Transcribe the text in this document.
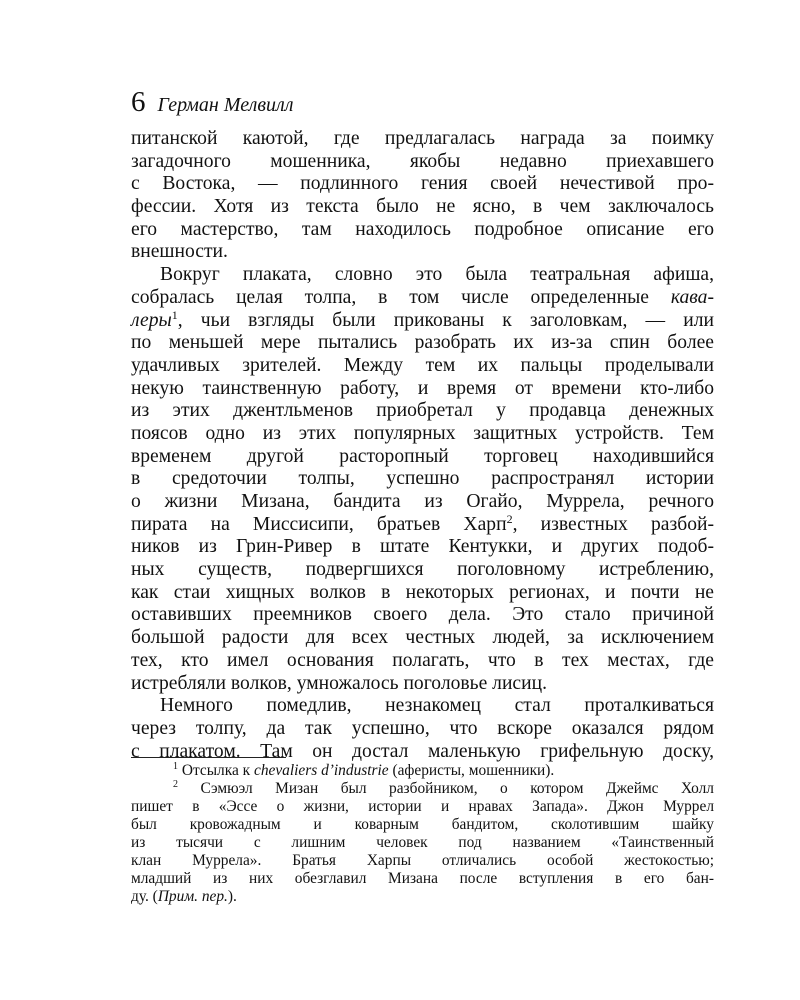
6 Герман Мелвилл
питанской каютой, где предлагалась награда за поимку
загадочного мошенника, якобы недавно приехавшего
с Востока, — подлинного гения своей нечестивой про-
фессии. Хотя из текста было не ясно, в чем заключалось
его мастерство, там находилось подробное описание его
внешности.
Вокруг плаката, словно это была театральная афиша,
собралась целая толпа, в том числе определенные кава-
леры$^1$, чьи взгляды были прикованы к заголовкам, — или
по меньшей мере пытались разобрать их из-за спин более
удачливых зрителей. Между тем их пальцы проделывали
некую таинственную работу, и время от времени кто-либо
из этих джентльменов приобретал у продавца денежных
поясов одно из этих популярных защитных устройств. Тем
временем другой расторопный торговец находившийся
в средоточии толпы, успешно распространял истории
о жизни Мизана, бандита из Огайо, Муррела, речного
пирата на Миссисипи, братьев Харп$^2$, известных разбой-
ников из Грин-Ривер в штате Кентукки, и других подоб-
ных существ, подвергшихся поголовному истреблению,
как стаи хищных волков в некоторых регионах, и почти не
оставивших преемников своего дела. Это стало причиной
большой радости для всех честных людей, за исключением
тех, кто имел основания полагать, что в тех местах, где
истребляли волков, умножалось поголовье лисиц.
Немного помедлив, незнакомец стал проталкиваться
через толпу, да так успешно, что вскоре оказался рядом
с плакатом. Там он достал маленькую грифельную доску,
$^1$ Отсылка к chevaliers d’industrie (аферисты, мошенники).
$^2$ Сэмюэл Мизан был разбойником, о котором Джеймс Холл
пишет в «Эссе о жизни, истории и нравах Запада». Джон Муррел
был кровожадным и коварным бандитом, сколотившим шайку
из тысячи с лишним человек под названием «Таинственный
клан Муррела». Братья Харпы отличались особой жестокостью;
младший из них обезглавил Мизана после вступления в его бан-
ду. (Прим. пер.).
